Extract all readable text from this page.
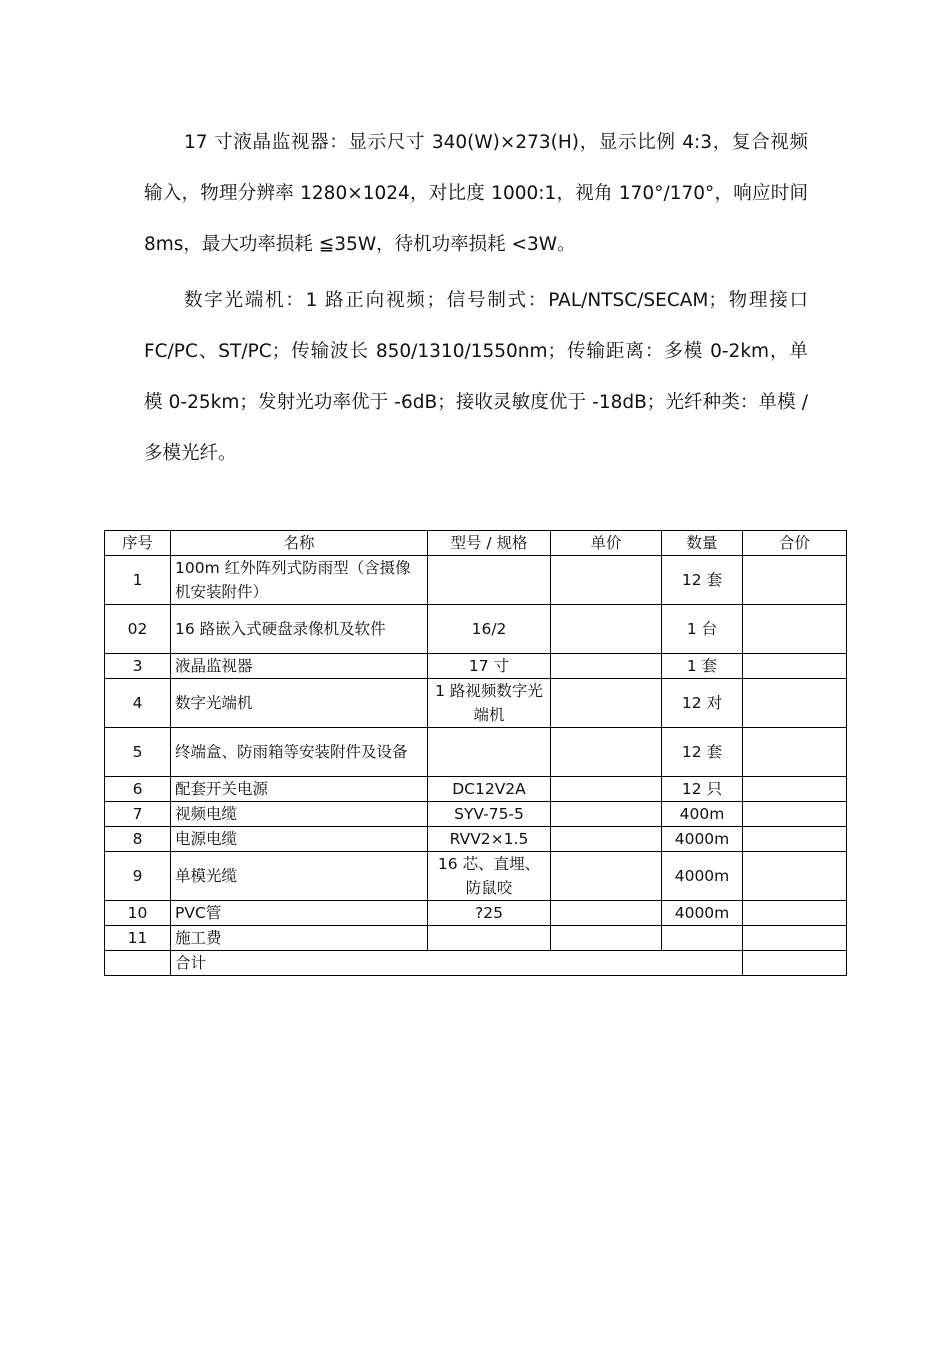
17 寸液晶监视器：显示尺寸 340(W)×273(H)，显示比例 4:3，复合视频输入，物理分辨率 1280×1024，对比度 1000:1，视角 170°/170°，响应时间 8ms，最大功率损耗 ≦35W，待机功率损耗 <3W。

数字光端机：1 路正向视频；信号制式：PAL/NTSC/SECAM；物理接口 FC/PC、ST/PC；传输波长 850/1310/1550nm；传输距离：多模 0-2km，单模 0-25km；发射光功率优于 -6dB；接收灵敏度优于 -18dB；光纤种类：单模 /多模光纤。

序号	名称	型号 / 规格	单价	数量	合价
1	100m 红外阵列式防雨型（含摄像机安装附件）			12 套	
02	16 路嵌入式硬盘录像机及软件	16/2		1 台	
3	液晶监视器	17 寸		1 套	
4	数字光端机	1 路视频数字光端机		12 对	
5	终端盒、防雨箱等安装附件及设备			12 套	
6	配套开关电源	DC12V2A		12 只	
7	视频电缆	SYV-75-5		400m	
8	电源电缆	RVV2×1.5		4000m	
9	单模光缆	16 芯、直埋、防鼠咬		4000m	
10	PVC管	?25		4000m	
11	施工费				
	合计				
